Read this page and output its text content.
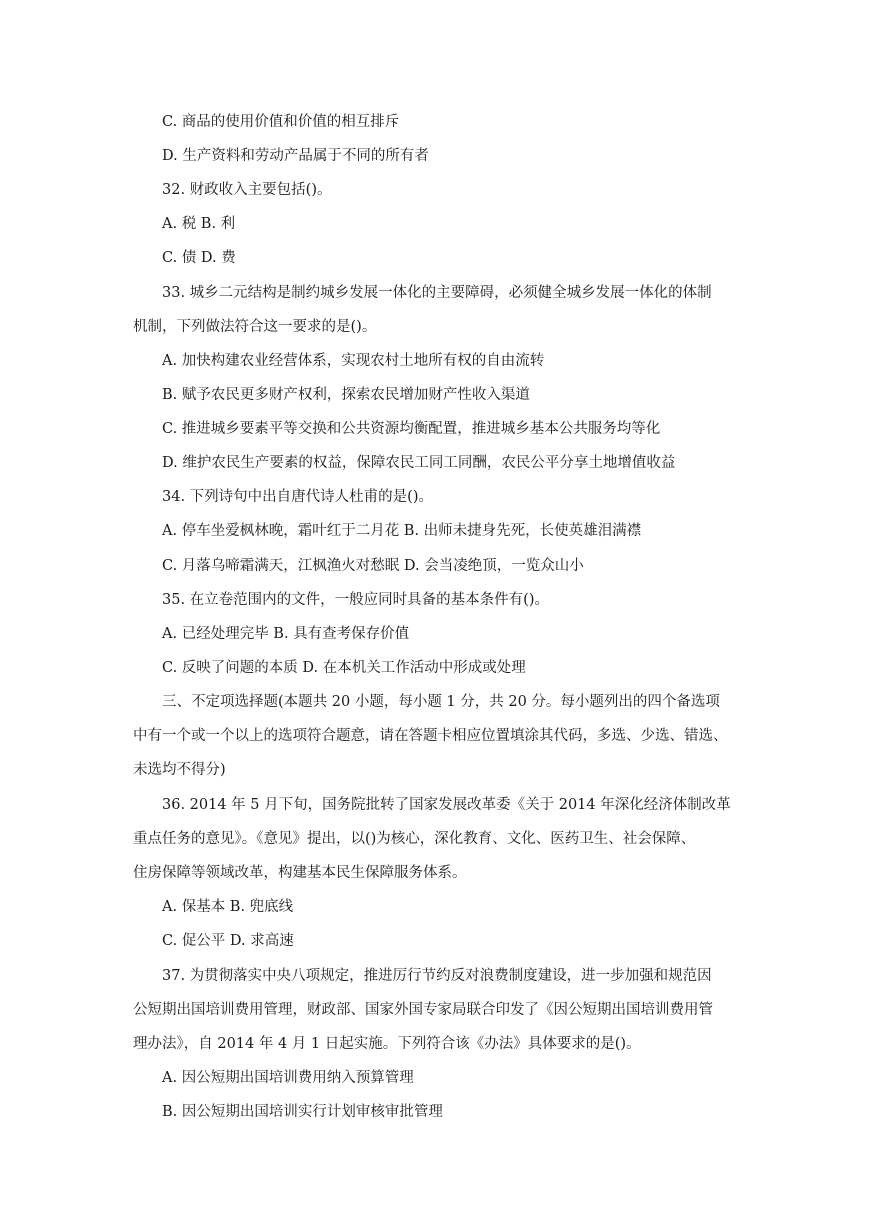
C. 商品的使用价值和价值的相互排斥
D. 生产资料和劳动产品属于不同的所有者
32. 财政收入主要包括()。
A. 税 B. 利
C. 债 D. 费
33. 城乡二元结构是制约城乡发展一体化的主要障碍，必须健全城乡发展一体化的体制
机制，下列做法符合这一要求的是()。
A. 加快构建农业经营体系，实现农村土地所有权的自由流转
B. 赋予农民更多财产权利，探索农民增加财产性收入渠道
C. 推进城乡要素平等交换和公共资源均衡配置，推进城乡基本公共服务均等化
D. 维护农民生产要素的权益，保障农民工同工同酬，农民公平分享土地增值收益
34. 下列诗句中出自唐代诗人杜甫的是()。
A. 停车坐爱枫林晚，霜叶红于二月花 B. 出师未捷身先死，长使英雄泪满襟
C. 月落乌啼霜满天，江枫渔火对愁眠 D. 会当凌绝顶，一览众山小
35. 在立卷范围内的文件，一般应同时具备的基本条件有()。
A. 已经处理完毕 B. 具有查考保存价值
C. 反映了问题的本质 D. 在本机关工作活动中形成或处理
三、不定项选择题(本题共 20 小题，每小题 1 分，共 20 分。每小题列出的四个备选项
中有一个或一个以上的选项符合题意，请在答题卡相应位置填涂其代码，多选、少选、错选、
未选均不得分)
36. 2014 年 5 月下旬，国务院批转了国家发展改革委《关于 2014 年深化经济体制改革
重点任务的意见》。《意见》提出，以()为核心，深化教育、文化、医药卫生、社会保障、
住房保障等领域改革，构建基本民生保障服务体系。
A. 保基本 B. 兜底线
C. 促公平 D. 求高速
37. 为贯彻落实中央八项规定，推进厉行节约反对浪费制度建设，进一步加强和规范因
公短期出国培训费用管理，财政部、国家外国专家局联合印发了《因公短期出国培训费用管
理办法》，自 2014 年 4 月 1 日起实施。下列符合该《办法》具体要求的是()。
A. 因公短期出国培训费用纳入预算管理
B. 因公短期出国培训实行计划审核审批管理
